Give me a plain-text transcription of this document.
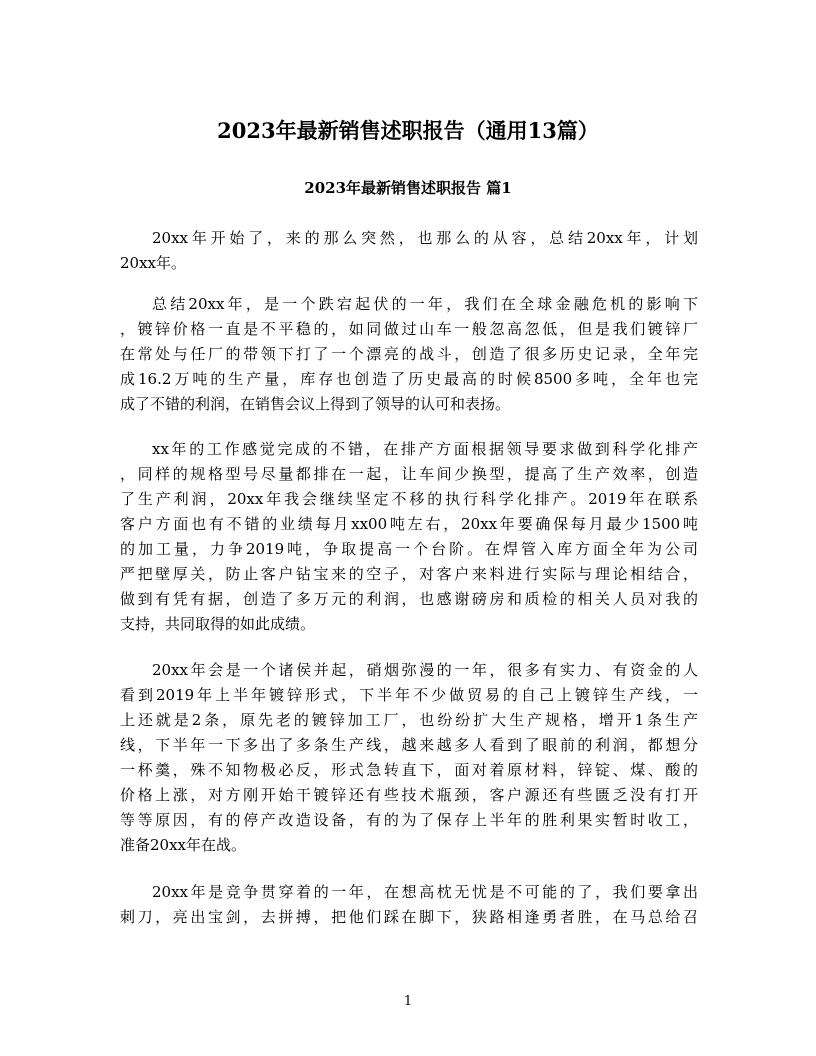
2023年最新销售述职报告（通用13篇）
2023年最新销售述职报告 篇1
20xx年开始了，来的那么突然，也那么的从容，总结20xx年，计划
20xx年。
总结20xx年，是一个跌宕起伏的一年，我们在全球金融危机的影响下
，镀锌价格一直是不平稳的，如同做过山车一般忽高忽低，但是我们镀锌厂
在常处与任厂的带领下打了一个漂亮的战斗，创造了很多历史记录，全年完
成16.2万吨的生产量，库存也创造了历史最高的时候8500多吨，全年也完
成了不错的利润，在销售会议上得到了领导的认可和表扬。
xx年的工作感觉完成的不错，在排产方面根据领导要求做到科学化排产
，同样的规格型号尽量都排在一起，让车间少换型，提高了生产效率，创造
了生产利润，20xx年我会继续坚定不移的执行科学化排产。2019年在联系
客户方面也有不错的业绩每月xx00吨左右，20xx年要确保每月最少1500吨
的加工量，力争2019吨，争取提高一个台阶。在焊管入库方面全年为公司
严把壁厚关，防止客户钻宝来的空子，对客户来料进行实际与理论相结合，
做到有凭有据，创造了多万元的利润，也感谢磅房和质检的相关人员对我的
支持，共同取得的如此成绩。
20xx年会是一个诸侯并起，硝烟弥漫的一年，很多有实力、有资金的人
看到2019年上半年镀锌形式，下半年不少做贸易的自己上镀锌生产线，一
上还就是2条，原先老的镀锌加工厂，也纷纷扩大生产规格，增开1条生产
线，下半年一下多出了多条生产线，越来越多人看到了眼前的利润，都想分
一杯羹，殊不知物极必反，形式急转直下，面对着原材料，锌锭、煤、酸的
价格上涨，对方刚开始干镀锌还有些技术瓶颈，客户源还有些匮乏没有打开
等等原因，有的停产改造设备，有的为了保存上半年的胜利果实暂时收工，
准备20xx年在战。
20xx年是竞争贯穿着的一年，在想高枕无忧是不可能的了，我们要拿出
刺刀，亮出宝剑，去拼搏，把他们踩在脚下，狭路相逢勇者胜，在马总给召
1
